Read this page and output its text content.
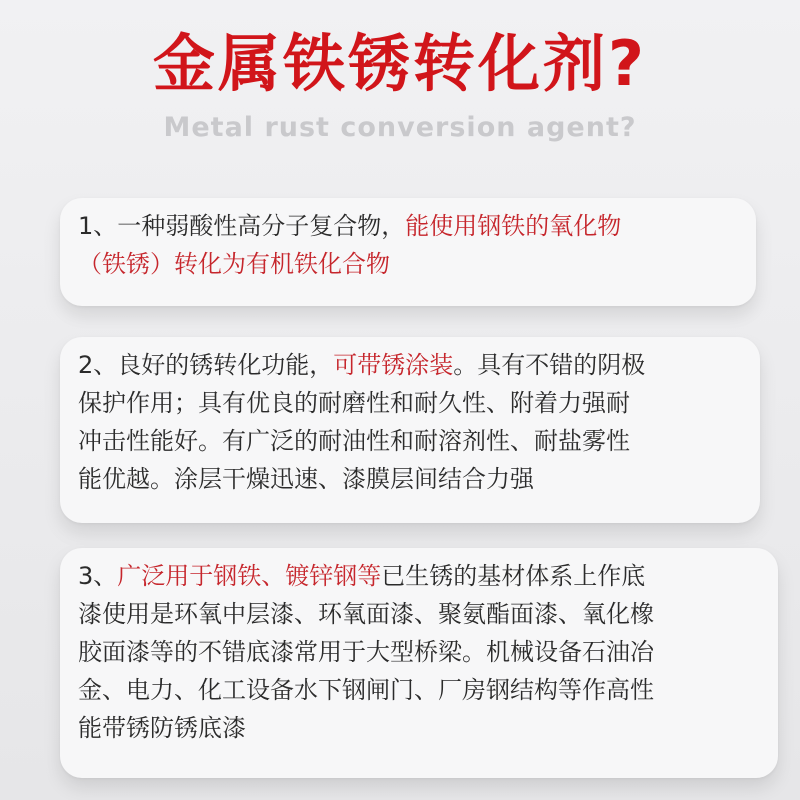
金属铁锈转化剂?
Metal rust conversion agent?

1、一种弱酸性高分子复合物，能使用钢铁的氧化物

（铁锈）转化为有机铁化合物

2、良好的锈转化功能，可带锈涂装。具有不错的阴极

保护作用；具有优良的耐磨性和耐久性、附着力强耐

冲击性能好。有广泛的耐油性和耐溶剂性、耐盐雾性

能优越。涂层干燥迅速、漆膜层间结合力强

3、广泛用于钢铁、镀锌钢等已生锈的基材体系上作底

漆使用是环氧中层漆、环氧面漆、聚氨酯面漆、氧化橡

胶面漆等的不错底漆常用于大型桥梁。机械设备石油冶

金、电力、化工设备水下钢闸门、厂房钢结构等作高性

能带锈防锈底漆
